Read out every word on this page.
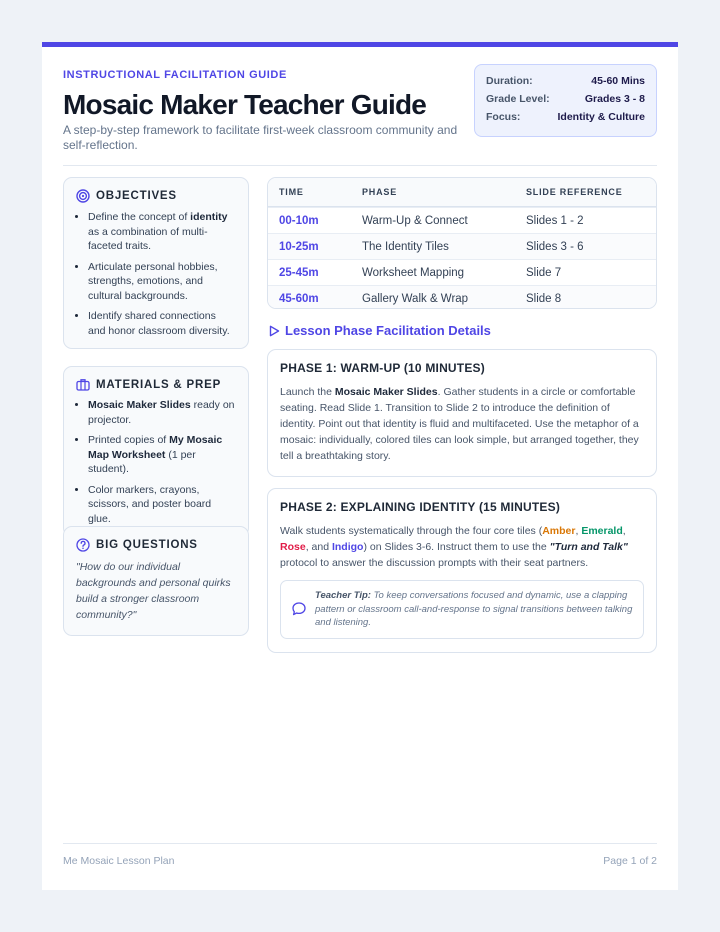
INSTRUCTIONAL FACILITATION GUIDE
Mosaic Maker Teacher Guide
A step-by-step framework to facilitate first-week classroom community and self-reflection.
Duration:	45-60 Mins
Grade Level:	Grades 3 - 8
Focus:	Identity & Culture
OBJECTIVES
• Define the concept of identity as a combination of multi-faceted traits.
• Articulate personal hobbies, strengths, emotions, and cultural backgrounds.
• Identify shared connections and honor classroom diversity.
MATERIALS & PREP
• Mosaic Maker Slides ready on projector.
• Printed copies of My Mosaic Map Worksheet (1 per student).
• Color markers, crayons, scissors, and poster board glue.
BIG QUESTIONS
"How do our individual backgrounds and personal quirks build a stronger classroom community?"
TIME	PHASE	SLIDE REFERENCE
00-10m	Warm-Up & Connect	Slides 1 - 2
10-25m	The Identity Tiles	Slides 3 - 6
25-45m	Worksheet Mapping	Slide 7
45-60m	Gallery Walk & Wrap	Slide 8
Lesson Phase Facilitation Details
PHASE 1: WARM-UP (10 MINUTES)
Launch the Mosaic Maker Slides. Gather students in a circle or comfortable seating. Read Slide 1. Transition to Slide 2 to introduce the definition of identity. Point out that identity is fluid and multifaceted. Use the metaphor of a mosaic: individually, colored tiles can look simple, but arranged together, they tell a breathtaking story.
PHASE 2: EXPLAINING IDENTITY (15 MINUTES)
Walk students systematically through the four core tiles (Amber, Emerald, Rose, and Indigo) on Slides 3-6. Instruct them to use the "Turn and Talk" protocol to answer the discussion prompts with their seat partners.
Teacher Tip: To keep conversations focused and dynamic, use a clapping pattern or classroom call-and-response to signal transitions between talking and listening.
Me Mosaic Lesson Plan	Page 1 of 2
